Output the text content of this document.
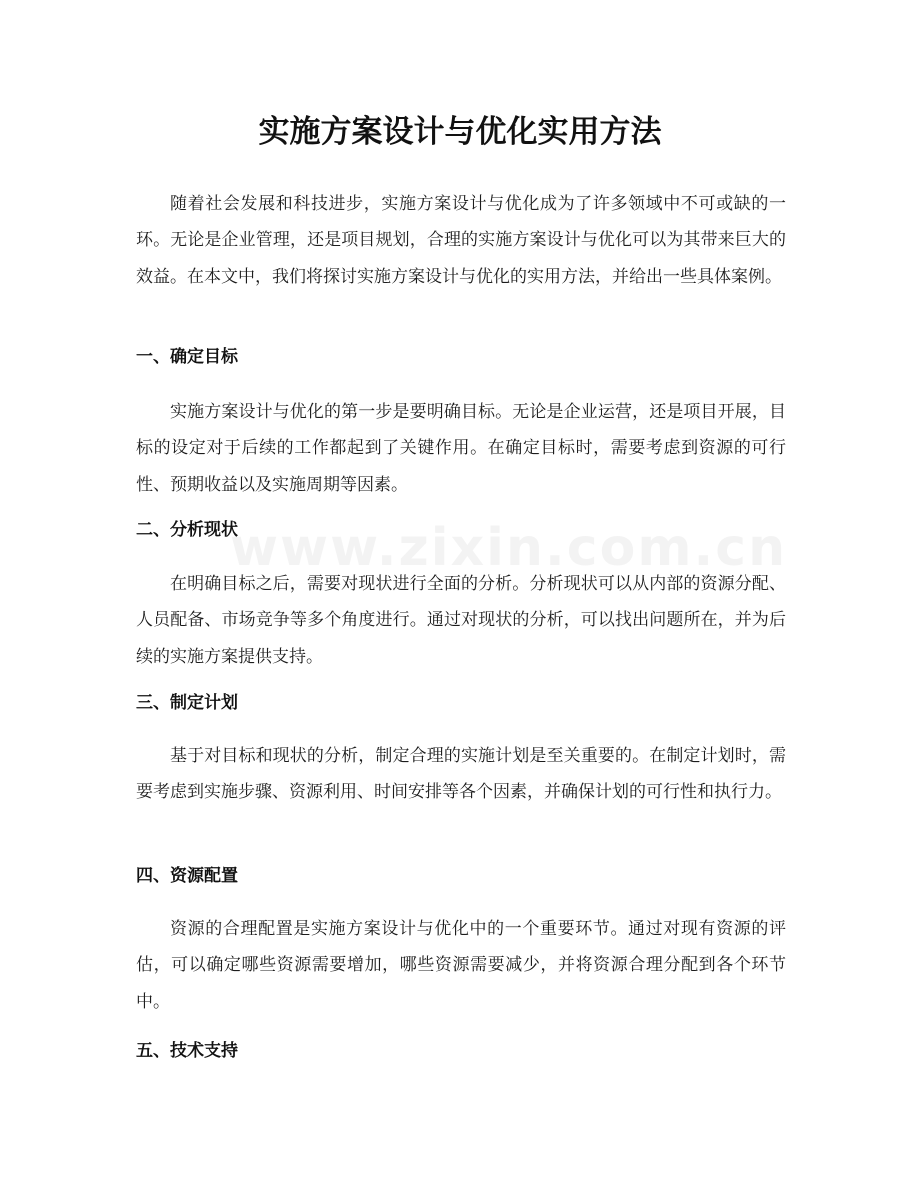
实施方案设计与优化实用方法

随着社会发展和科技进步，实施方案设计与优化成为了许多领域中不可或缺的一环。无论是企业管理，还是项目规划，合理的实施方案设计与优化可以为其带来巨大的效益。在本文中，我们将探讨实施方案设计与优化的实用方法，并给出一些具体案例。

一、确定目标

实施方案设计与优化的第一步是要明确目标。无论是企业运营，还是项目开展，目标的设定对于后续的工作都起到了关键作用。在确定目标时，需要考虑到资源的可行性、预期收益以及实施周期等因素。

二、分析现状

在明确目标之后，需要对现状进行全面的分析。分析现状可以从内部的资源分配、人员配备、市场竞争等多个角度进行。通过对现状的分析，可以找出问题所在，并为后续的实施方案提供支持。

三、制定计划

基于对目标和现状的分析，制定合理的实施计划是至关重要的。在制定计划时，需要考虑到实施步骤、资源利用、时间安排等各个因素，并确保计划的可行性和执行力。

四、资源配置

资源的合理配置是实施方案设计与优化中的一个重要环节。通过对现有资源的评估，可以确定哪些资源需要增加，哪些资源需要减少，并将资源合理分配到各个环节中。

五、技术支持
www.zixin.com.cn
